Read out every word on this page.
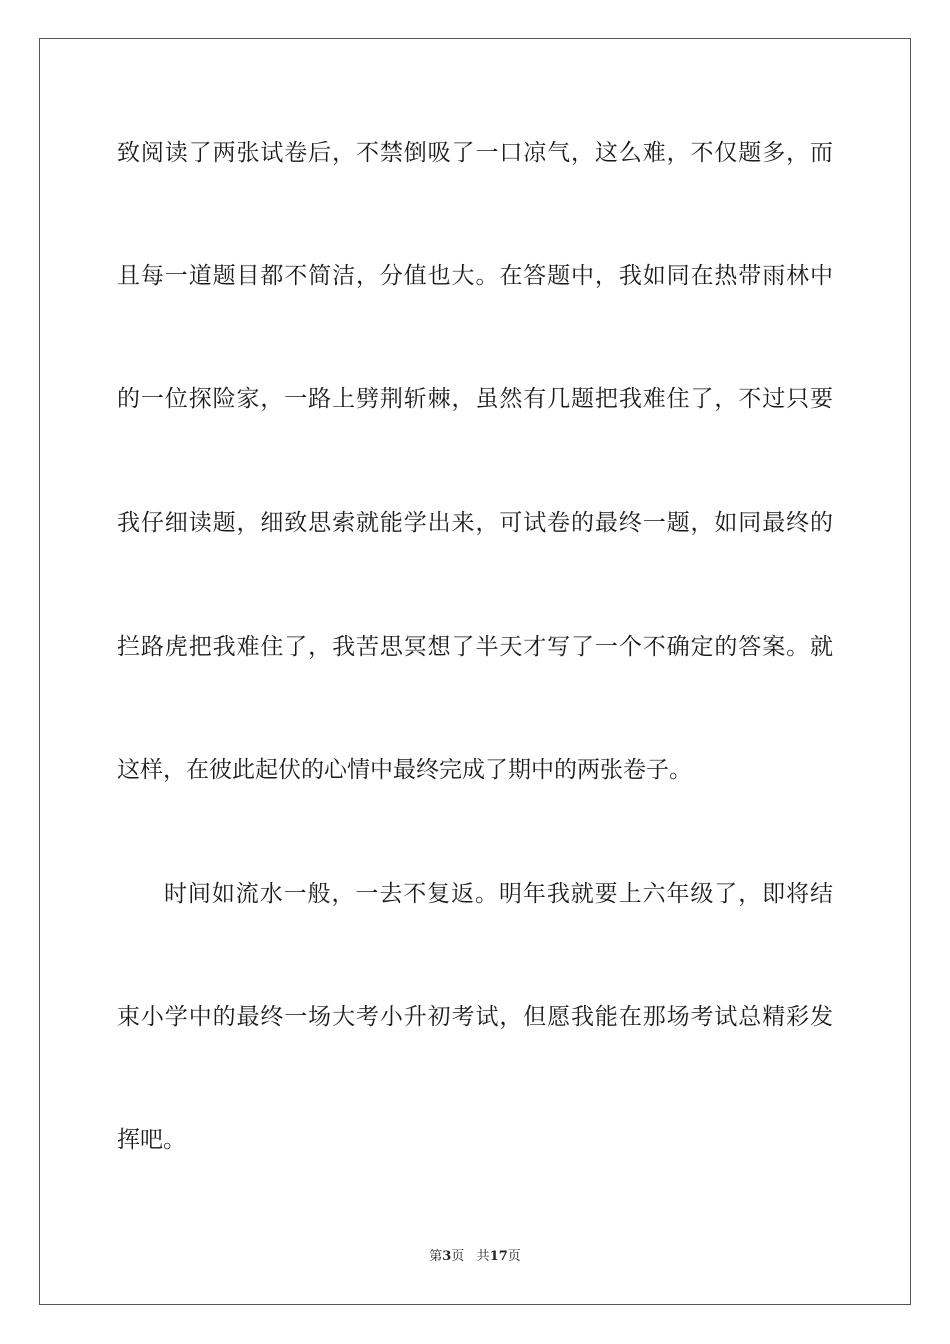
致阅读了两张试卷后，不禁倒吸了一口凉气，这么难，不仅题多，而
且每一道题目都不简洁，分值也大。在答题中，我如同在热带雨林中
的一位探险家，一路上劈荆斩棘，虽然有几题把我难住了，不过只要
我仔细读题，细致思索就能学出来，可试卷的最终一题，如同最终的
拦路虎把我难住了，我苦思冥想了半天才写了一个不确定的答案。就
这样，在彼此起伏的心情中最终完成了期中的两张卷子。
时间如流水一般，一去不复返。明年我就要上六年级了，即将结
束小学中的最终一场大考小升初考试，但愿我能在那场考试总精彩发
挥吧。
第3页 共17页
